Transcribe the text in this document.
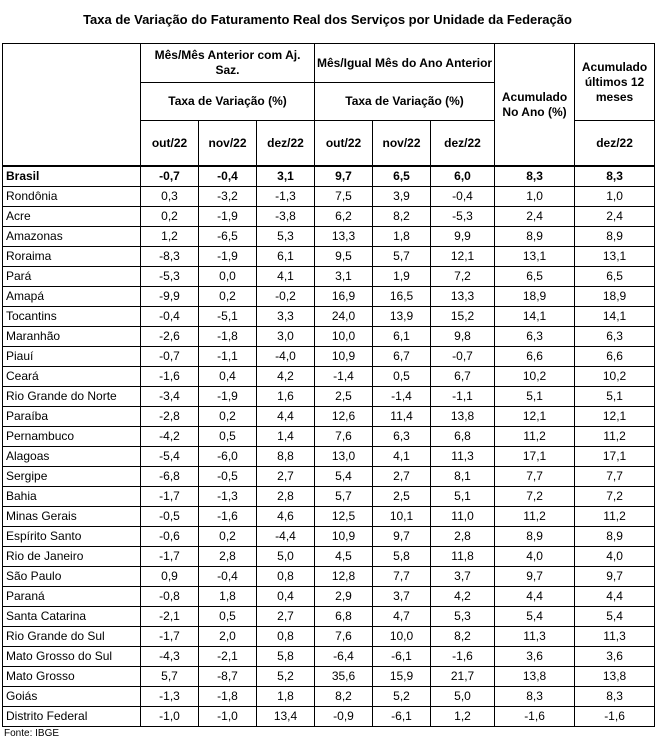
Taxa de Variação do Faturamento Real dos Serviços por Unidade da Federação
	Mês/Mês Anterior com Aj. Saz.			Mês/Igual Mês do Ano Anterior			Acumulado No Ano (%)	Acumulado últimos 12 meses
	Taxa de Variação (%)			Taxa de Variação (%)				
	out/22	nov/22	dez/22	out/22	nov/22	dez/22		dez/22
Brasil	-0,7	-0,4	3,1	9,7	6,5	6,0	8,3	8,3
Rondônia	0,3	-3,2	-1,3	7,5	3,9	-0,4	1,0	1,0
Acre	0,2	-1,9	-3,8	6,2	8,2	-5,3	2,4	2,4
Amazonas	1,2	-6,5	5,3	13,3	1,8	9,9	8,9	8,9
Roraima	-8,3	-1,9	6,1	9,5	5,7	12,1	13,1	13,1
Pará	-5,3	0,0	4,1	3,1	1,9	7,2	6,5	6,5
Amapá	-9,9	0,2	-0,2	16,9	16,5	13,3	18,9	18,9
Tocantins	-0,4	-5,1	3,3	24,0	13,9	15,2	14,1	14,1
Maranhão	-2,6	-1,8	3,0	10,0	6,1	9,8	6,3	6,3
Piauí	-0,7	-1,1	-4,0	10,9	6,7	-0,7	6,6	6,6
Ceará	-1,6	0,4	4,2	-1,4	0,5	6,7	10,2	10,2
Rio Grande do Norte	-3,4	-1,9	1,6	2,5	-1,4	-1,1	5,1	5,1
Paraíba	-2,8	0,2	4,4	12,6	11,4	13,8	12,1	12,1
Pernambuco	-4,2	0,5	1,4	7,6	6,3	6,8	11,2	11,2
Alagoas	-5,4	-6,0	8,8	13,0	4,1	11,3	17,1	17,1
Sergipe	-6,8	-0,5	2,7	5,4	2,7	8,1	7,7	7,7
Bahia	-1,7	-1,3	2,8	5,7	2,5	5,1	7,2	7,2
Minas Gerais	-0,5	-1,6	4,6	12,5	10,1	11,0	11,2	11,2
Espírito Santo	-0,6	0,2	-4,4	10,9	9,7	2,8	8,9	8,9
Rio de Janeiro	-1,7	2,8	5,0	4,5	5,8	11,8	4,0	4,0
São Paulo	0,9	-0,4	0,8	12,8	7,7	3,7	9,7	9,7
Paraná	-0,8	1,8	0,4	2,9	3,7	4,2	4,4	4,4
Santa Catarina	-2,1	0,5	2,7	6,8	4,7	5,3	5,4	5,4
Rio Grande do Sul	-1,7	2,0	0,8	7,6	10,0	8,2	11,3	11,3
Mato Grosso do Sul	-4,3	-2,1	5,8	-6,4	-6,1	-1,6	3,6	3,6
Mato Grosso	5,7	-8,7	5,2	35,6	15,9	21,7	13,8	13,8
Goiás	-1,3	-1,8	1,8	8,2	5,2	5,0	8,3	8,3
Distrito Federal	-1,0	-1,0	13,4	-0,9	-6,1	1,2	-1,6	-1,6
Fonte: IBGE
